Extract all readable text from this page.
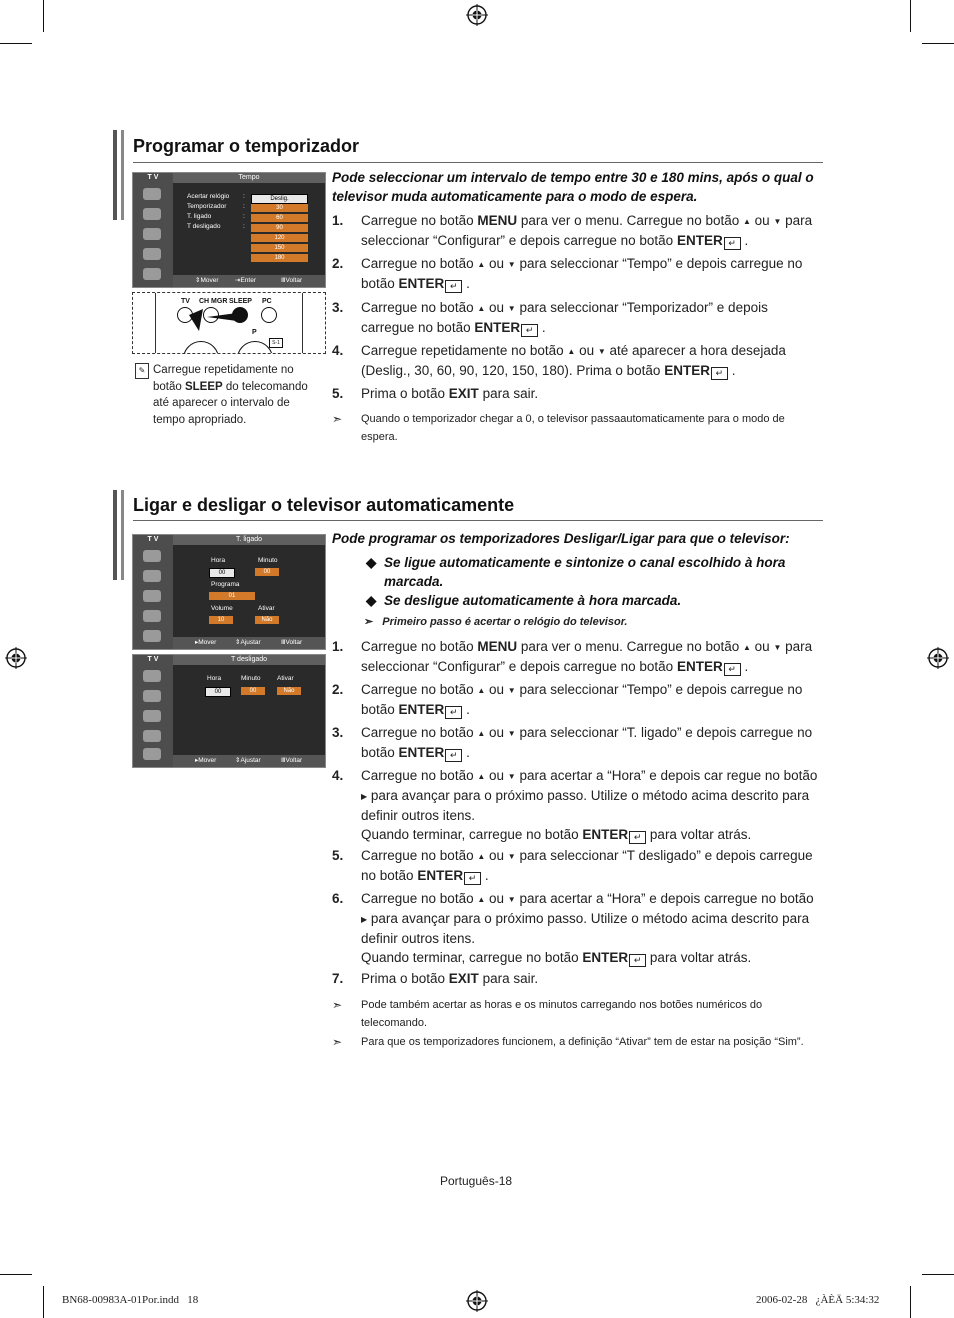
Programar o temporizador
T V	Tempo
Acertar relógio
Temporizador
T. ligado
T desligado
:
:
:
:
Deslig.
30
60
90
120
150
180
⇕Mover	⇥Enter	ⅢVoltar
TV CH MGR SLEEP PC
P
S-1
✎ Carregue repetidamente no botão SLEEP do telecomando até aparecer o intervalo de tempo apropriado.
Pode seleccionar um intervalo de tempo entre 30 e 180 mins, após o qual o televisor muda automaticamente para o modo de espera.
1. Carregue no botão MENU para ver o menu. Carregue no botão ▲ ou ▼ para seleccionar “Configurar” e depois carregue no botão ENTER ↵ .
2. Carregue no botão ▲ ou ▼ para seleccionar “Tempo” e depois carregue no botão ENTER ↵ .
3. Carregue no botão ▲ ou ▼ para seleccionar “Temporizador” e depois carregue no botão ENTER ↵ .
4. Carregue repetidamente no botão ▲ ou ▼ até aparecer a hora desejada (Deslig., 30, 60, 90, 120, 150, 180). Prima o botão ENTER ↵ .
5. Prima o botão EXIT para sair.
➣ Quando o temporizador chegar a 0, o televisor passaautomaticamente para o modo de espera.
Ligar e desligar o televisor automaticamente
T V	T. ligado
Hora	Minuto
00	00
Programa
01
Volume	Ativar
10	Não
▸Mover	⇕Ajustar	ⅢVoltar
T V	T desligado
Hora	Minuto	Ativar
00	00	Não
▸Mover	⇕Ajustar	ⅢVoltar
Pode programar os temporizadores Desligar/Ligar para que o televisor:
◆ Se ligue automaticamente e sintonize o canal escolhido à hora marcada.
◆ Se desligue automaticamente à hora marcada.
➣ Primeiro passo é acertar o relógio do televisor.
1. Carregue no botão MENU para ver o menu. Carregue no botão ▲ ou ▼ para seleccionar “Configurar” e depois carregue no botão ENTER ↵ .
2. Carregue no botão ▲ ou ▼ para seleccionar “Tempo” e depois carregue no botão ENTER ↵ .
3. Carregue no botão ▲ ou ▼ para seleccionar “T. ligado” e depois carregue no botão ENTER ↵ .
4. Carregue no botão ▲ ou ▼ para acertar a “Hora” e depois car regue no botão ▶ para avançar para o próximo passo. Utilize o método acima descrito para definir outros itens.
Quando terminar, carregue no botão ENTER ↵ para voltar atrás.
5. Carregue no botão ▲ ou ▼ para seleccionar “T desligado” e depois carregue no botão ENTER ↵ .
6. Carregue no botão ▲ ou ▼ para acertar a “Hora” e depois carregue no botão ▶ para avançar para o próximo passo. Utilize o método acima descrito para definir outros itens.
Quando terminar, carregue no botão ENTER ↵ para voltar atrás.
7. Prima o botão EXIT para sair.
➣ Pode também acertar as horas e os minutos carregando nos botões numéricos do telecomando.
➣ Para que os temporizadores funcionem, a definição “Ativar” tem de estar na posição “Sim”.
Português-18
BN68-00983A-01Por.indd   18	2006-02-28   ¿ÀÈÄ 5:34:32
